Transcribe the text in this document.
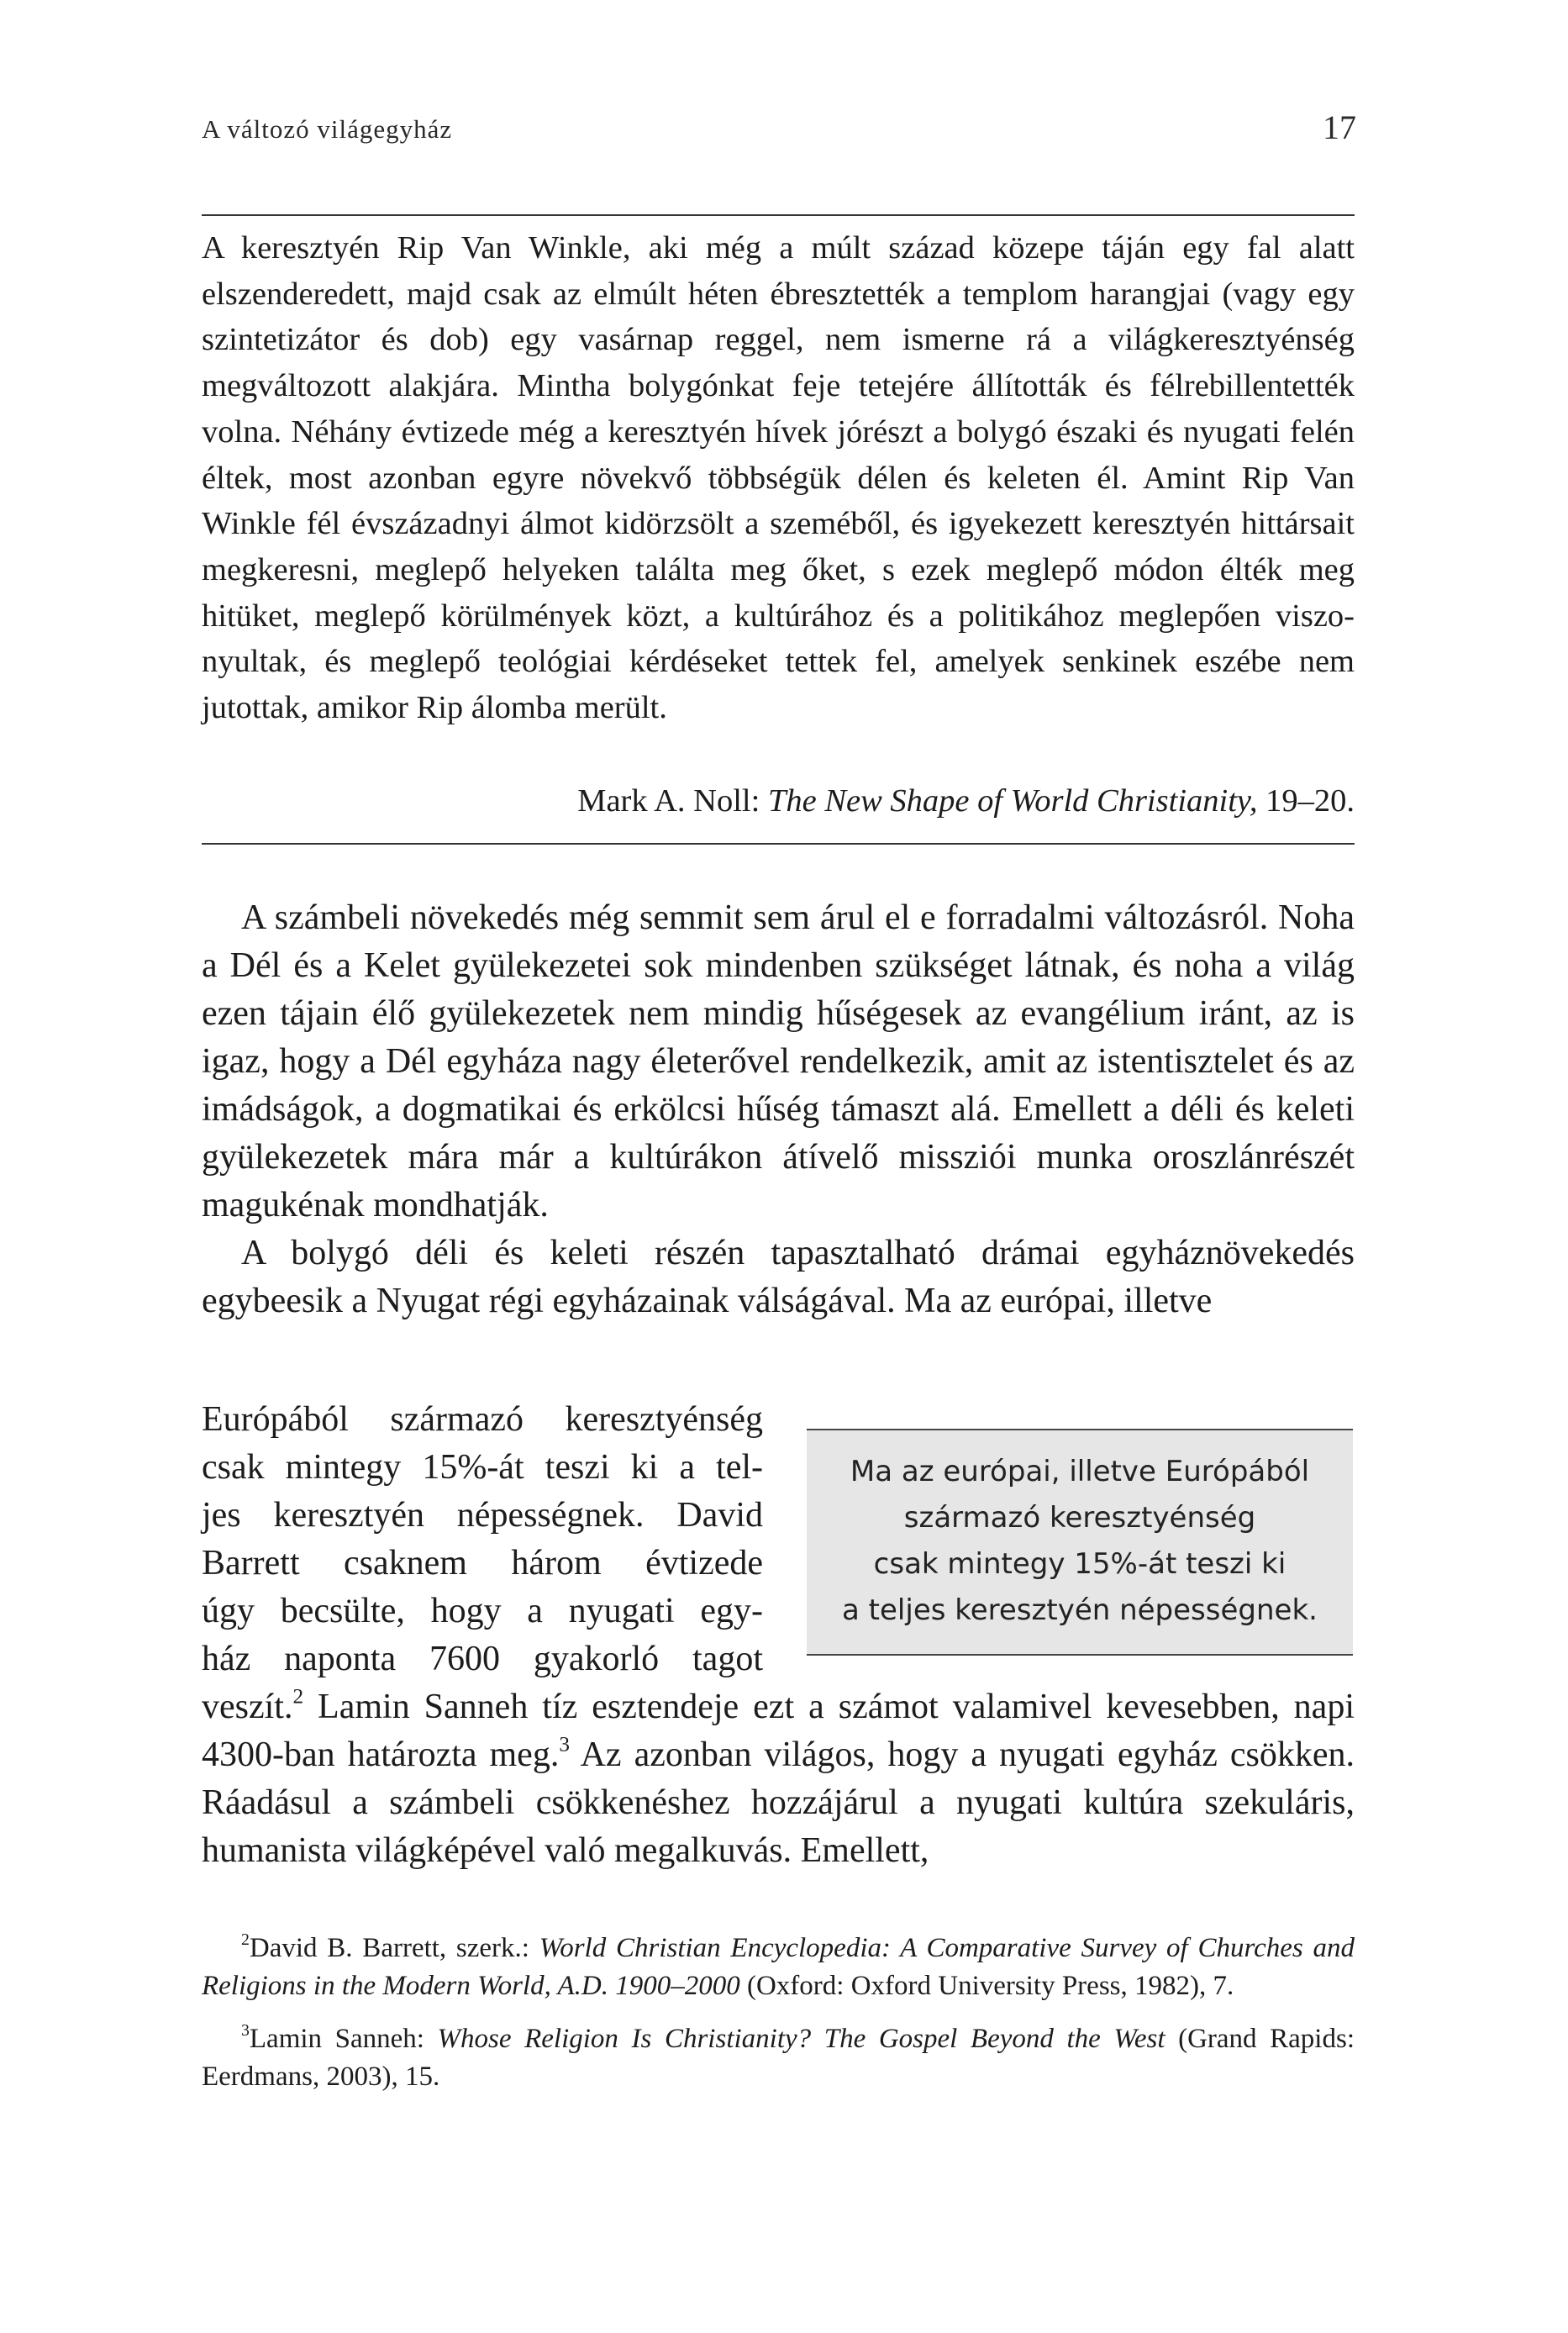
A változó világegyház	17

A keresztyén Rip Van Winkle, aki még a múlt század közepe táján egy fal alatt elszenderedett, majd csak az elmúlt héten ébresztették a templom harangjai (vagy egy szintetizátor és dob) egy vasárnap reggel, nem ismerne rá a világkeresztyénség megváltozott alakjára. Mintha bolygónkat feje tetejére állították és félrebillentették volna. Néhány évtizede még a keresztyén hívek jórészt a bolygó északi és nyugati felén éltek, most azonban egyre növekvő többségük délen és keleten él. Amint Rip Van Winkle fél évszázadnyi álmot kidörzsölt a szeméből, és igyekezett keresztyén hittársait megkeresni, meglepő helyeken találta meg őket, s ezek meglepő módon élték meg hitüket, meglepő körülmények közt, a kultúrához és a politikához meglepően viszonyultak, és meglepő teológiai kérdéseket tettek fel, amelyek senkinek eszébe nem jutottak, amikor Rip álomba merült.

Mark A. Noll: The New Shape of World Christianity, 19–20.

A számbeli növekedés még semmit sem árul el e forradalmi változásról. Noha a Dél és a Kelet gyülekezetei sok mindenben szükséget látnak, és noha a világ ezen tájain élő gyülekezetek nem mindig hűségesek az evangélium iránt, az is igaz, hogy a Dél egyháza nagy életerővel rendelkezik, amit az istentisztelet és az imádságok, a dogmatikai és erkölcsi hűség támaszt alá. Emellett a déli és keleti gyülekezetek mára már a kultúrákon átívelő missziói munka oroszlánrészét magukénak mondhatják.

A bolygó déli és keleti részén tapasztalható drámai egyháznövekedés egybeesik a Nyugat régi egyházainak válságával. Ma az európai, illetve

Európából származó keresztyénség
csak mintegy 15%-át teszi ki a tel-
jes keresztyén népességnek. David
Barrett csaknem három évtizede
úgy becsülte, hogy a nyugati egy-
ház naponta 7600 gyakorló tagot
Ma az európai, illetve Európából
származó keresztyénség
csak mintegy 15%-át teszi ki
a teljes keresztyén népességnek.

veszít.$^2$ Lamin Sanneh tíz esztendeje ezt a számot valamivel kevesebben, napi 4300-ban határozta meg.$^3$ Az azonban világos, hogy a nyugati egyház csökken. Ráadásul a számbeli csökkenéshez hozzájárul a nyugati kultúra szekuláris, humanista világképével való megalkuvás. Emellett,

$^2$David B. Barrett, szerk.: World Christian Encyclopedia: A Comparative Survey of Churches and Religions in the Modern World, A.D. 1900–2000 (Oxford: Oxford University Press, 1982), 7.

$^3$Lamin Sanneh: Whose Religion Is Christianity? The Gospel Beyond the West (Grand Rapids: Eerdmans, 2003), 15.
